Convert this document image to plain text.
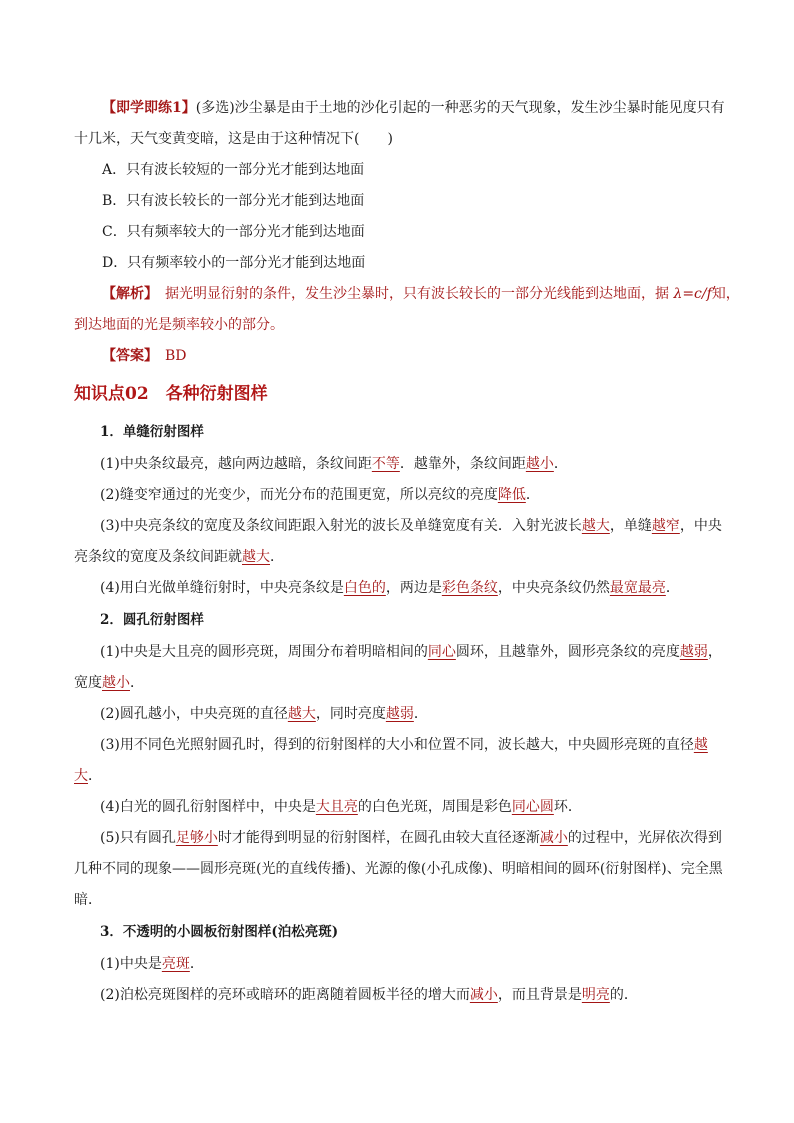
【即学即练1】(多选)沙尘暴是由于土地的沙化引起的一种恶劣的天气现象，发生沙尘暴时能见度只有
十几米，天气变黄变暗，这是由于这种情况下(　　)
A．只有波长较短的一部分光才能到达地面
B．只有波长较长的一部分光才能到达地面
C．只有频率较大的一部分光才能到达地面
D．只有频率较小的一部分光才能到达地面
【解析】　据光明显衍射的条件，发生沙尘暴时，只有波长较长的一部分光线能到达地面，据 λ=c/f知，
到达地面的光是频率较小的部分。
【答案】　BD
知识点02　各种衍射图样
1．单缝衍射图样
(1)中央条纹最亮，越向两边越暗，条纹间距不等．越靠外，条纹间距越小．
(2)缝变窄通过的光变少，而光分布的范围更宽，所以亮纹的亮度降低．
(3)中央亮条纹的宽度及条纹间距跟入射光的波长及单缝宽度有关．入射光波长越大，单缝越窄，中央
亮条纹的宽度及条纹间距就越大．
(4)用白光做单缝衍射时，中央亮条纹是白色的，两边是彩色条纹，中央亮条纹仍然最宽最亮．
2．圆孔衍射图样
(1)中央是大且亮的圆形亮斑，周围分布着明暗相间的同心圆环，且越靠外，圆形亮条纹的亮度越弱，
宽度越小．
(2)圆孔越小，中央亮斑的直径越大，同时亮度越弱．
(3)用不同色光照射圆孔时，得到的衍射图样的大小和位置不同，波长越大，中央圆形亮斑的直径越
大．
(4)白光的圆孔衍射图样中，中央是大且亮的白色光斑，周围是彩色同心圆环．
(5)只有圆孔足够小时才能得到明显的衍射图样，在圆孔由较大直径逐渐减小的过程中，光屏依次得到
几种不同的现象——圆形亮斑(光的直线传播)、光源的像(小孔成像)、明暗相间的圆环(衍射图样)、完全黑
暗．
3．不透明的小圆板衍射图样(泊松亮斑)
(1)中央是亮斑．
(2)泊松亮斑图样的亮环或暗环的距离随着圆板半径的增大而减小，而且背景是明亮的．
